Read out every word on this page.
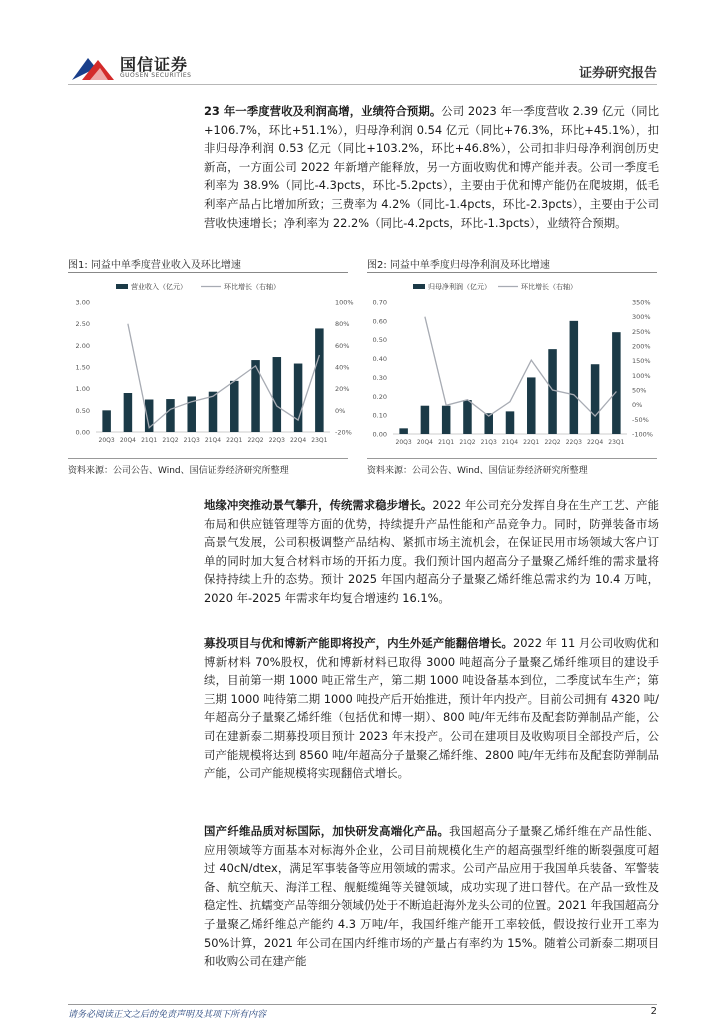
国信证券
GUOSEN SECURITIES	证券研究报告

23 年一季度营收及利润高增，业绩符合预期。公司 2023 年一季度营收 2.39 亿元（同比+106.7%，环比+51.1%），归母净利润 0.54 亿元（同比+76.3%，环比+45.1%），扣非归母净利润 0.53 亿元（同比+103.2%，环比+46.8%），公司扣非归母净利润创历史新高，一方面公司 2022 年新增产能释放，另一方面收购优和博产能并表。公司一季度毛利率为 38.9%（同比-4.3pcts，环比-5.2pcts），主要由于优和博产能仍在爬坡期，低毛利率产品占比增加所致；三费率为 4.2%（同比-1.4pcts，环比-2.3pcts），主要由于公司营收快速增长；净利率为 22.2%（同比-4.2pcts，环比-1.3pcts），业绩符合预期。

图1: 同益中单季度营业收入及环比增速
营业收入（亿元）	环比增长（右轴）
3.00
2.50
2.00
1.50
1.00
0.50
0.00
100%
80%
60%
40%
20%
0%
-20%
20Q3 20Q4 21Q1 21Q2 21Q3 21Q4 22Q1 22Q2 22Q3 22Q4 23Q1
资料来源：公司公告、Wind、国信证券经济研究所整理
图2: 同益中单季度归母净利润及环比增速
归母净利润（亿元）	环比增长（右轴）
0.70
0.60
0.50
0.40
0.30
0.20
0.10
0.00
350%
300%
250%
200%
150%
100%
50%
0%
-50%
-100%
20Q3 20Q4 21Q1 21Q2 21Q3 21Q4 22Q1 22Q2 22Q3 22Q4 23Q1
资料来源：公司公告、Wind、国信证券经济研究所整理

地缘冲突推动景气攀升，传统需求稳步增长。2022 年公司充分发挥自身在生产工艺、产能布局和供应链管理等方面的优势，持续提升产品性能和产品竞争力。同时，防弹装备市场高景气发展，公司积极调整产品结构、紧抓市场主流机会，在保证民用市场领域大客户订单的同时加大复合材料市场的开拓力度。我们预计国内超高分子量聚乙烯纤维的需求量将保持持续上升的态势。预计 2025 年国内超高分子量聚乙烯纤维总需求约为 10.4 万吨，2020 年-2025 年需求年均复合增速约 16.1%。

募投项目与优和博新产能即将投产，内生外延产能翻倍增长。2022 年 11 月公司收购优和博新材料 70%股权，优和博新材料已取得 3000 吨超高分子量聚乙烯纤维项目的建设手续，目前第一期 1000 吨正常生产，第二期 1000 吨设备基本到位，二季度试车生产；第三期 1000 吨待第二期 1000 吨投产后开始推进，预计年内投产。目前公司拥有 4320 吨/年超高分子量聚乙烯纤维（包括优和博一期）、800 吨/年无纬布及配套防弹制品产能，公司在建新泰二期募投项目预计 2023 年末投产。公司在建项目及收购项目全部投产后，公司产能规模将达到 8560 吨/年超高分子量聚乙烯纤维、2800 吨/年无纬布及配套防弹制品产能，公司产能规模将实现翻倍式增长。

国产纤维品质对标国际，加快研发高端化产品。我国超高分子量聚乙烯纤维在产品性能、应用领域等方面基本对标海外企业，公司目前规模化生产的超高强型纤维的断裂强度可超过 40cN/dtex，满足军事装备等应用领域的需求。公司产品应用于我国单兵装备、军警装备、航空航天、海洋工程、舰艇缆绳等关键领域，成功实现了进口替代。在产品一致性及稳定性、抗蠕变产品等细分领域仍处于不断追赶海外龙头公司的位置。2021 年我国超高分子量聚乙烯纤维总产能约 4.3 万吨/年，我国纤维产能开工率较低，假设按行业开工率为 50%计算，2021 年公司在国内纤维市场的产量占有率约为 15%。随着公司新泰二期项目和收购公司在建产能

请务必阅读正文之后的免责声明及其项下所有内容	2
